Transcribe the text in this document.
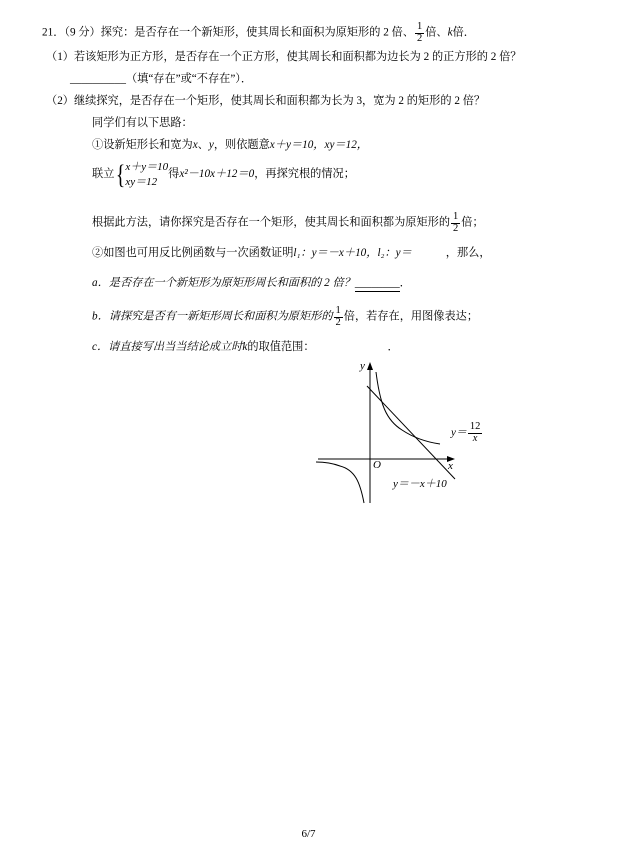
21．（9 分）探究：是否存在一个新矩形，使其周长和面积为原矩形的 2 倍、 $\frac{1}{2}$ 倍、k倍．
（1）若该矩形为正方形，是否存在一个正方形，使其周长和面积都为边长为 2 的正方形的 2 倍？
__________（填“存在”或“不存在”）．
（2）继续探究，是否存在一个矩形，使其周长和面积都为长为 3，宽为 2 的矩形的 2 倍？
同学们有以下思路：
①设新矩形长和宽为x、y，则依题意x＋y＝10，xy＝12，
联立 { x＋y＝10
xy＝12
得x²－10x＋12＝0，再探究根的情况；
根据此方法，请你探究是否存在一个矩形，使其周长和面积都为原矩形的 $\frac{1}{2}$ 倍；
②如图也可用反比例函数与一次函数证明l₁：y＝－x＋10，l₂：y＝　　　	，那么，
a．是否存在一个新矩形为原矩形周长和面积的 2 倍？________．
b．请探究是否有一新矩形周长和面积为原矩形的 $\frac{1}{2}$ 倍，若存在，用图像表达；
c．请直接写出当当结论成立时k的取值范围：	．
y
x
O
$y= \frac{12}{x}$
y＝－x＋10
6/7
